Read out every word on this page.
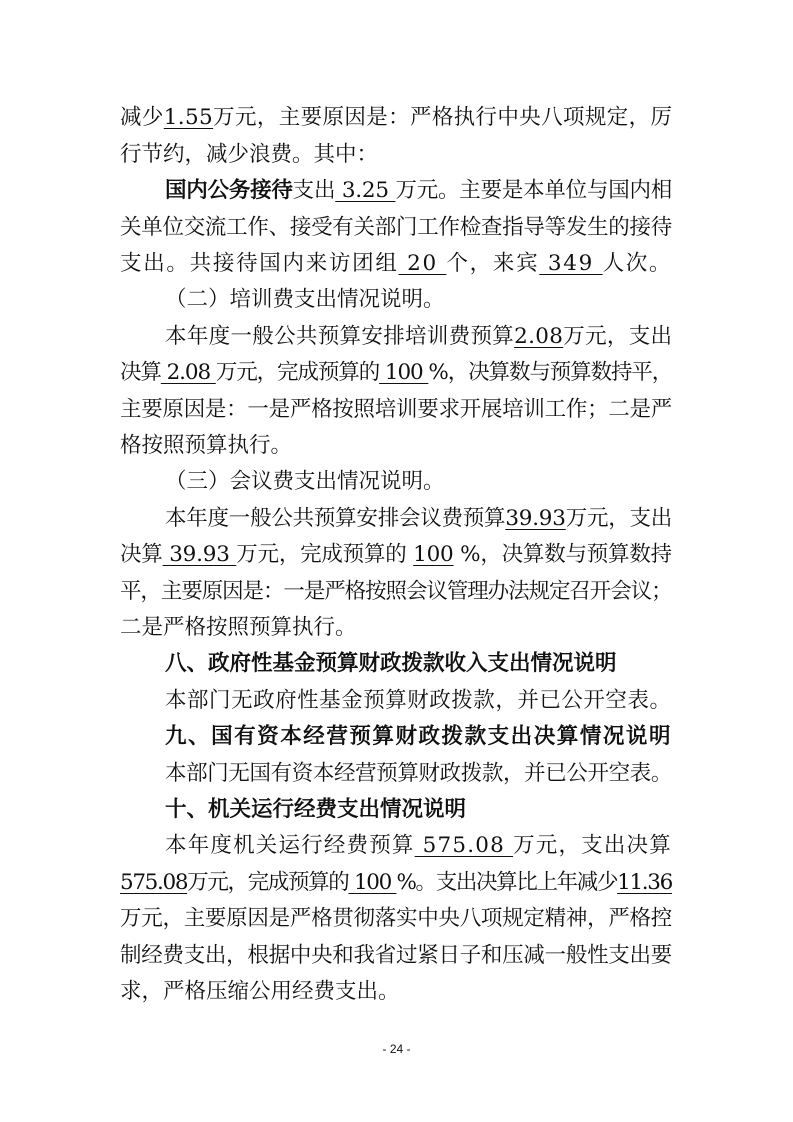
减少1.55万元，主要原因是：严格执行中央八项规定，厉
行节约，减少浪费。其中：
国内公务接待支出 3.25 万元。主要是本单位与国内相
关单位交流工作、接受有关部门工作检查指导等发生的接待
支出。共接待国内来访团组 20 个，来宾 349 人次。
（二）培训费支出情况说明。
本年度一般公共预算安排培训费预算2.08万元，支出
决算 2.08 万元，完成预算的 100 %，决算数与预算数持平，
主要原因是：一是严格按照培训要求开展培训工作；二是严
格按照预算执行。
（三）会议费支出情况说明。
本年度一般公共预算安排会议费预算39.93万元，支出
决算 39.93 万元，完成预算的 100 %，决算数与预算数持
平，主要原因是：一是严格按照会议管理办法规定召开会议；
二是严格按照预算执行。
八、政府性基金预算财政拨款收入支出情况说明
本部门无政府性基金预算财政拨款，并已公开空表。
九、国有资本经营预算财政拨款支出决算情况说明
本部门无国有资本经营预算财政拨款，并已公开空表。
十、机关运行经费支出情况说明
本年度机关运行经费预算 575.08 万元，支出决算
575.08万元，完成预算的 100 %。支出决算比上年减少11.36
万元，主要原因是严格贯彻落实中央八项规定精神，严格控
制经费支出，根据中央和我省过紧日子和压减一般性支出要
求，严格压缩公用经费支出。
- 24 -
